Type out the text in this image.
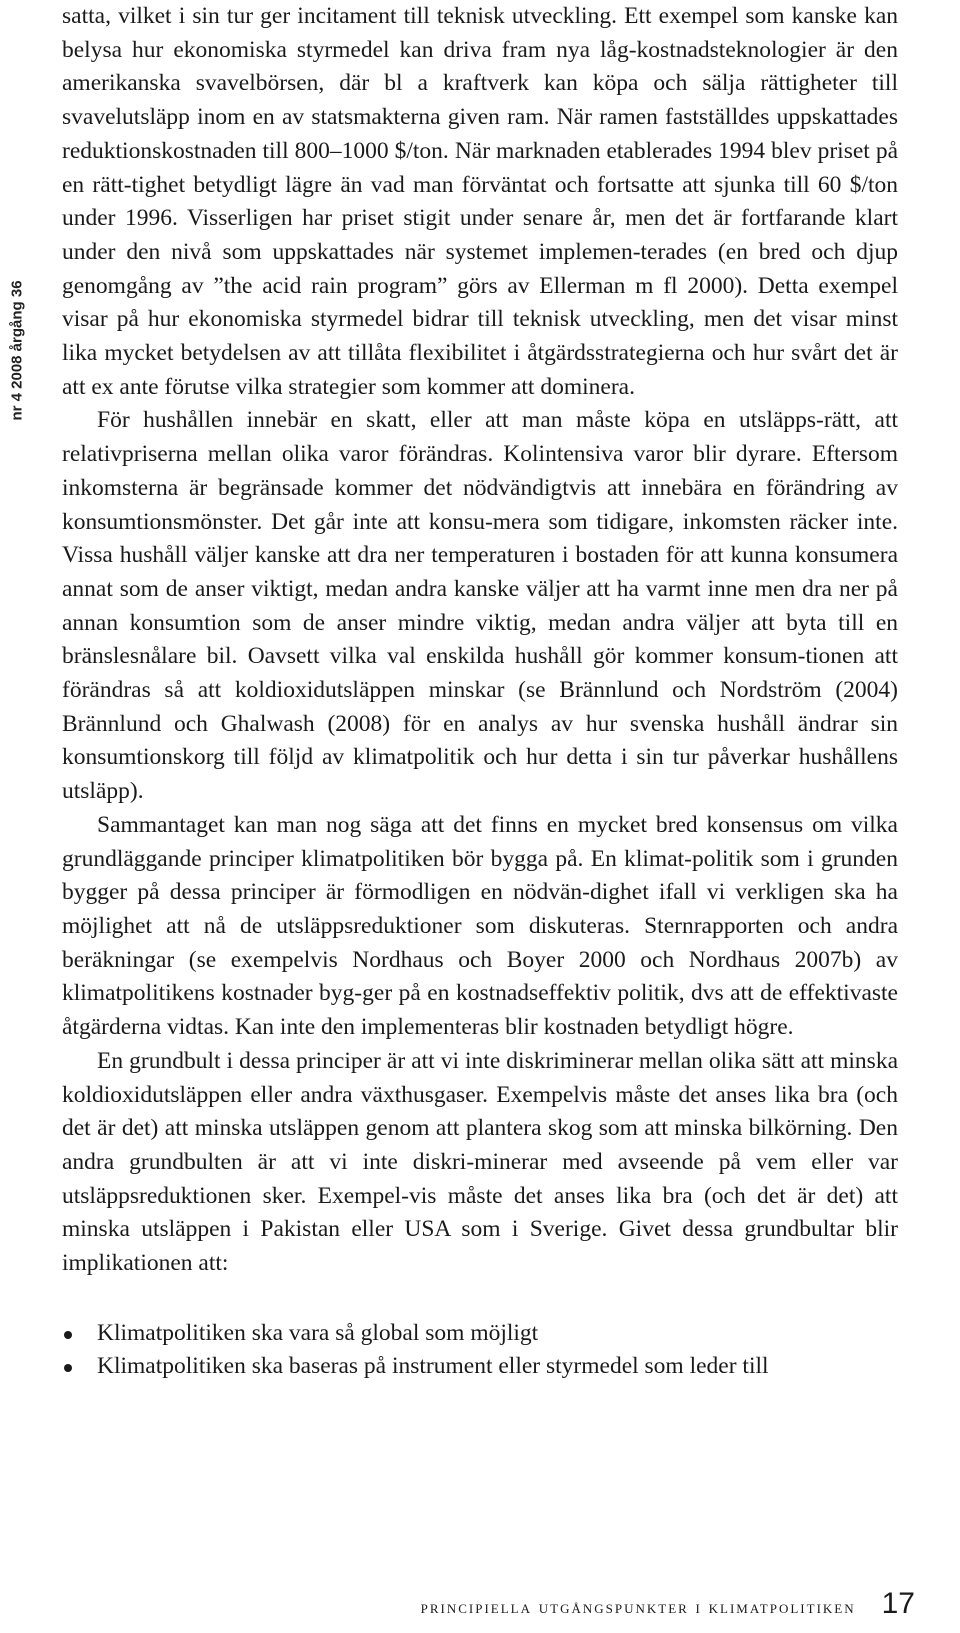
nr 4 2008 årgång 36

satta, vilket i sin tur ger incitament till teknisk utveckling. Ett exempel som kanske kan belysa hur ekonomiska styrmedel kan driva fram nya låg-kostnadsteknologier är den amerikanska svavelbörsen, där bl a kraftverk kan köpa och sälja rättigheter till svavelutsläpp inom en av statsmakterna given ram. När ramen fastställdes uppskattades reduktionskostnaden till 800–1000 $/ton. När marknaden etablerades 1994 blev priset på en rätt-tighet betydligt lägre än vad man förväntat och fortsatte att sjunka till 60 $/ton under 1996. Visserligen har priset stigit under senare år, men det är fortfarande klart under den nivå som uppskattades när systemet implemen-terades (en bred och djup genomgång av ”the acid rain program” görs av Ellerman m fl 2000). Detta exempel visar på hur ekonomiska styrmedel bidrar till teknisk utveckling, men det visar minst lika mycket betydelsen av att tillåta flexibilitet i åtgärdsstrategierna och hur svårt det är att ex ante förutse vilka strategier som kommer att dominera.

För hushållen innebär en skatt, eller att man måste köpa en utsläpps-rätt, att relativpriserna mellan olika varor förändras. Kolintensiva varor blir dyrare. Eftersom inkomsterna är begränsade kommer det nödvändigtvis att innebära en förändring av konsumtionsmönster. Det går inte att konsu-mera som tidigare, inkomsten räcker inte. Vissa hushåll väljer kanske att dra ner temperaturen i bostaden för att kunna konsumera annat som de anser viktigt, medan andra kanske väljer att ha varmt inne men dra ner på annan konsumtion som de anser mindre viktig, medan andra väljer att byta till en bränslesnålare bil. Oavsett vilka val enskilda hushåll gör kommer konsum-tionen att förändras så att koldioxidutsläppen minskar (se Brännlund och Nordström (2004) Brännlund och Ghalwash (2008) för en analys av hur svenska hushåll ändrar sin konsumtionskorg till följd av klimatpolitik och hur detta i sin tur påverkar hushållens utsläpp).

Sammantaget kan man nog säga att det finns en mycket bred konsensus om vilka grundläggande principer klimatpolitiken bör bygga på. En klimat-politik som i grunden bygger på dessa principer är förmodligen en nödvän-dighet ifall vi verkligen ska ha möjlighet att nå de utsläppsreduktioner som diskuteras. Sternrapporten och andra beräkningar (se exempelvis Nordhaus och Boyer 2000 och Nordhaus 2007b) av klimatpolitikens kostnader byg-ger på en kostnadseffektiv politik, dvs att de effektivaste åtgärderna vidtas. Kan inte den implementeras blir kostnaden betydligt högre.

En grundbult i dessa principer är att vi inte diskriminerar mellan olika sätt att minska koldioxidutsläppen eller andra växthusgaser. Exempelvis måste det anses lika bra (och det är det) att minska utsläppen genom att plantera skog som att minska bilkörning. Den andra grundbulten är att vi inte diskri-minerar med avseende på vem eller var utsläppsreduktionen sker. Exempel-vis måste det anses lika bra (och det är det) att minska utsläppen i Pakistan eller USA som i Sverige. Givet dessa grundbultar blir implikationen att:

Klimatpolitiken ska vara så global som möjligt
Klimatpolitiken ska baseras på instrument eller styrmedel som leder till
principiella utgångspunkter i klimatpolitiken 17
